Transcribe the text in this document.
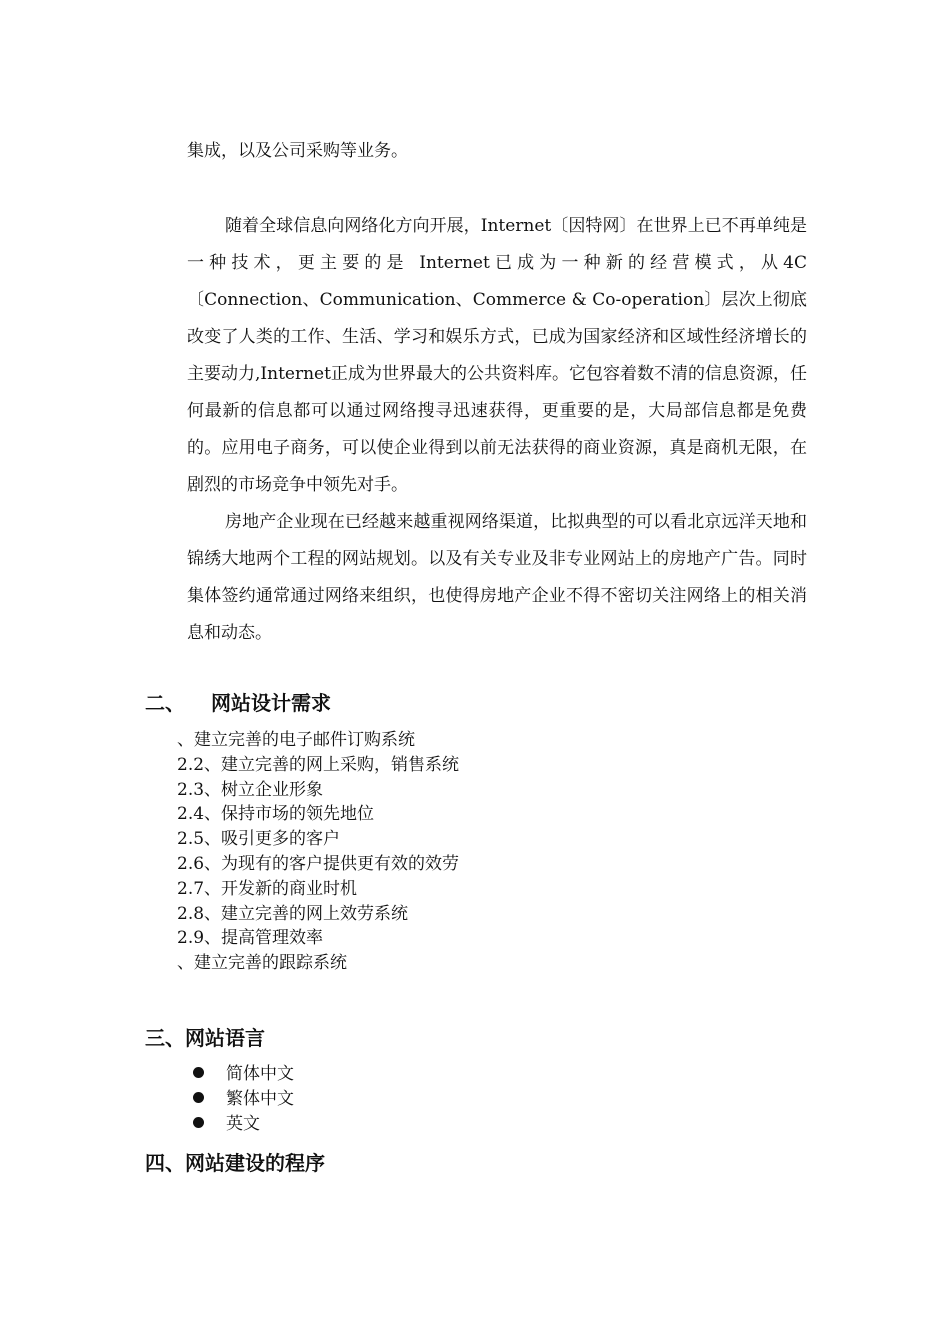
集成，以及公司采购等业务。

随着全球信息向网络化方向开展，Internet〔因特网〕在世界上已不再单纯是一种技术，更主要的是 Internet已成为一种新的经营模式，从4C 〔Connection、Communication、Commerce & Co-operation〕层次上彻底改变了人类的工作、生活、学习和娱乐方式，已成为国家经济和区域性经济增长的主要动力,Internet正成为世界最大的公共资料库。它包容着数不清的信息资源，任何最新的信息都可以通过网络搜寻迅速获得，更重要的是，大局部信息都是免费的。应用电子商务，可以使企业得到以前无法获得的商业资源，真是商机无限，在剧烈的市场竞争中领先对手。

房地产企业现在已经越来越重视网络渠道，比拟典型的可以看北京远洋天地和锦绣大地两个工程的网站规划。以及有关专业及非专业网站上的房地产广告。同时集体签约通常通过网络来组织，也使得房地产企业不得不密切关注网络上的相关消息和动态。

二、 网站设计需求
、建立完善的电子邮件订购系统
2.2、建立完善的网上采购，销售系统
2.3、树立企业形象
2.4、保持市场的领先地位
2.5、吸引更多的客户
2.6、为现有的客户提供更有效的效劳
2.7、开发新的商业时机
2.8、建立完善的网上效劳系统
2.9、提高管理效率
、建立完善的跟踪系统
三、网站语言
简体中文
繁体中文
英文
四、网站建设的程序
